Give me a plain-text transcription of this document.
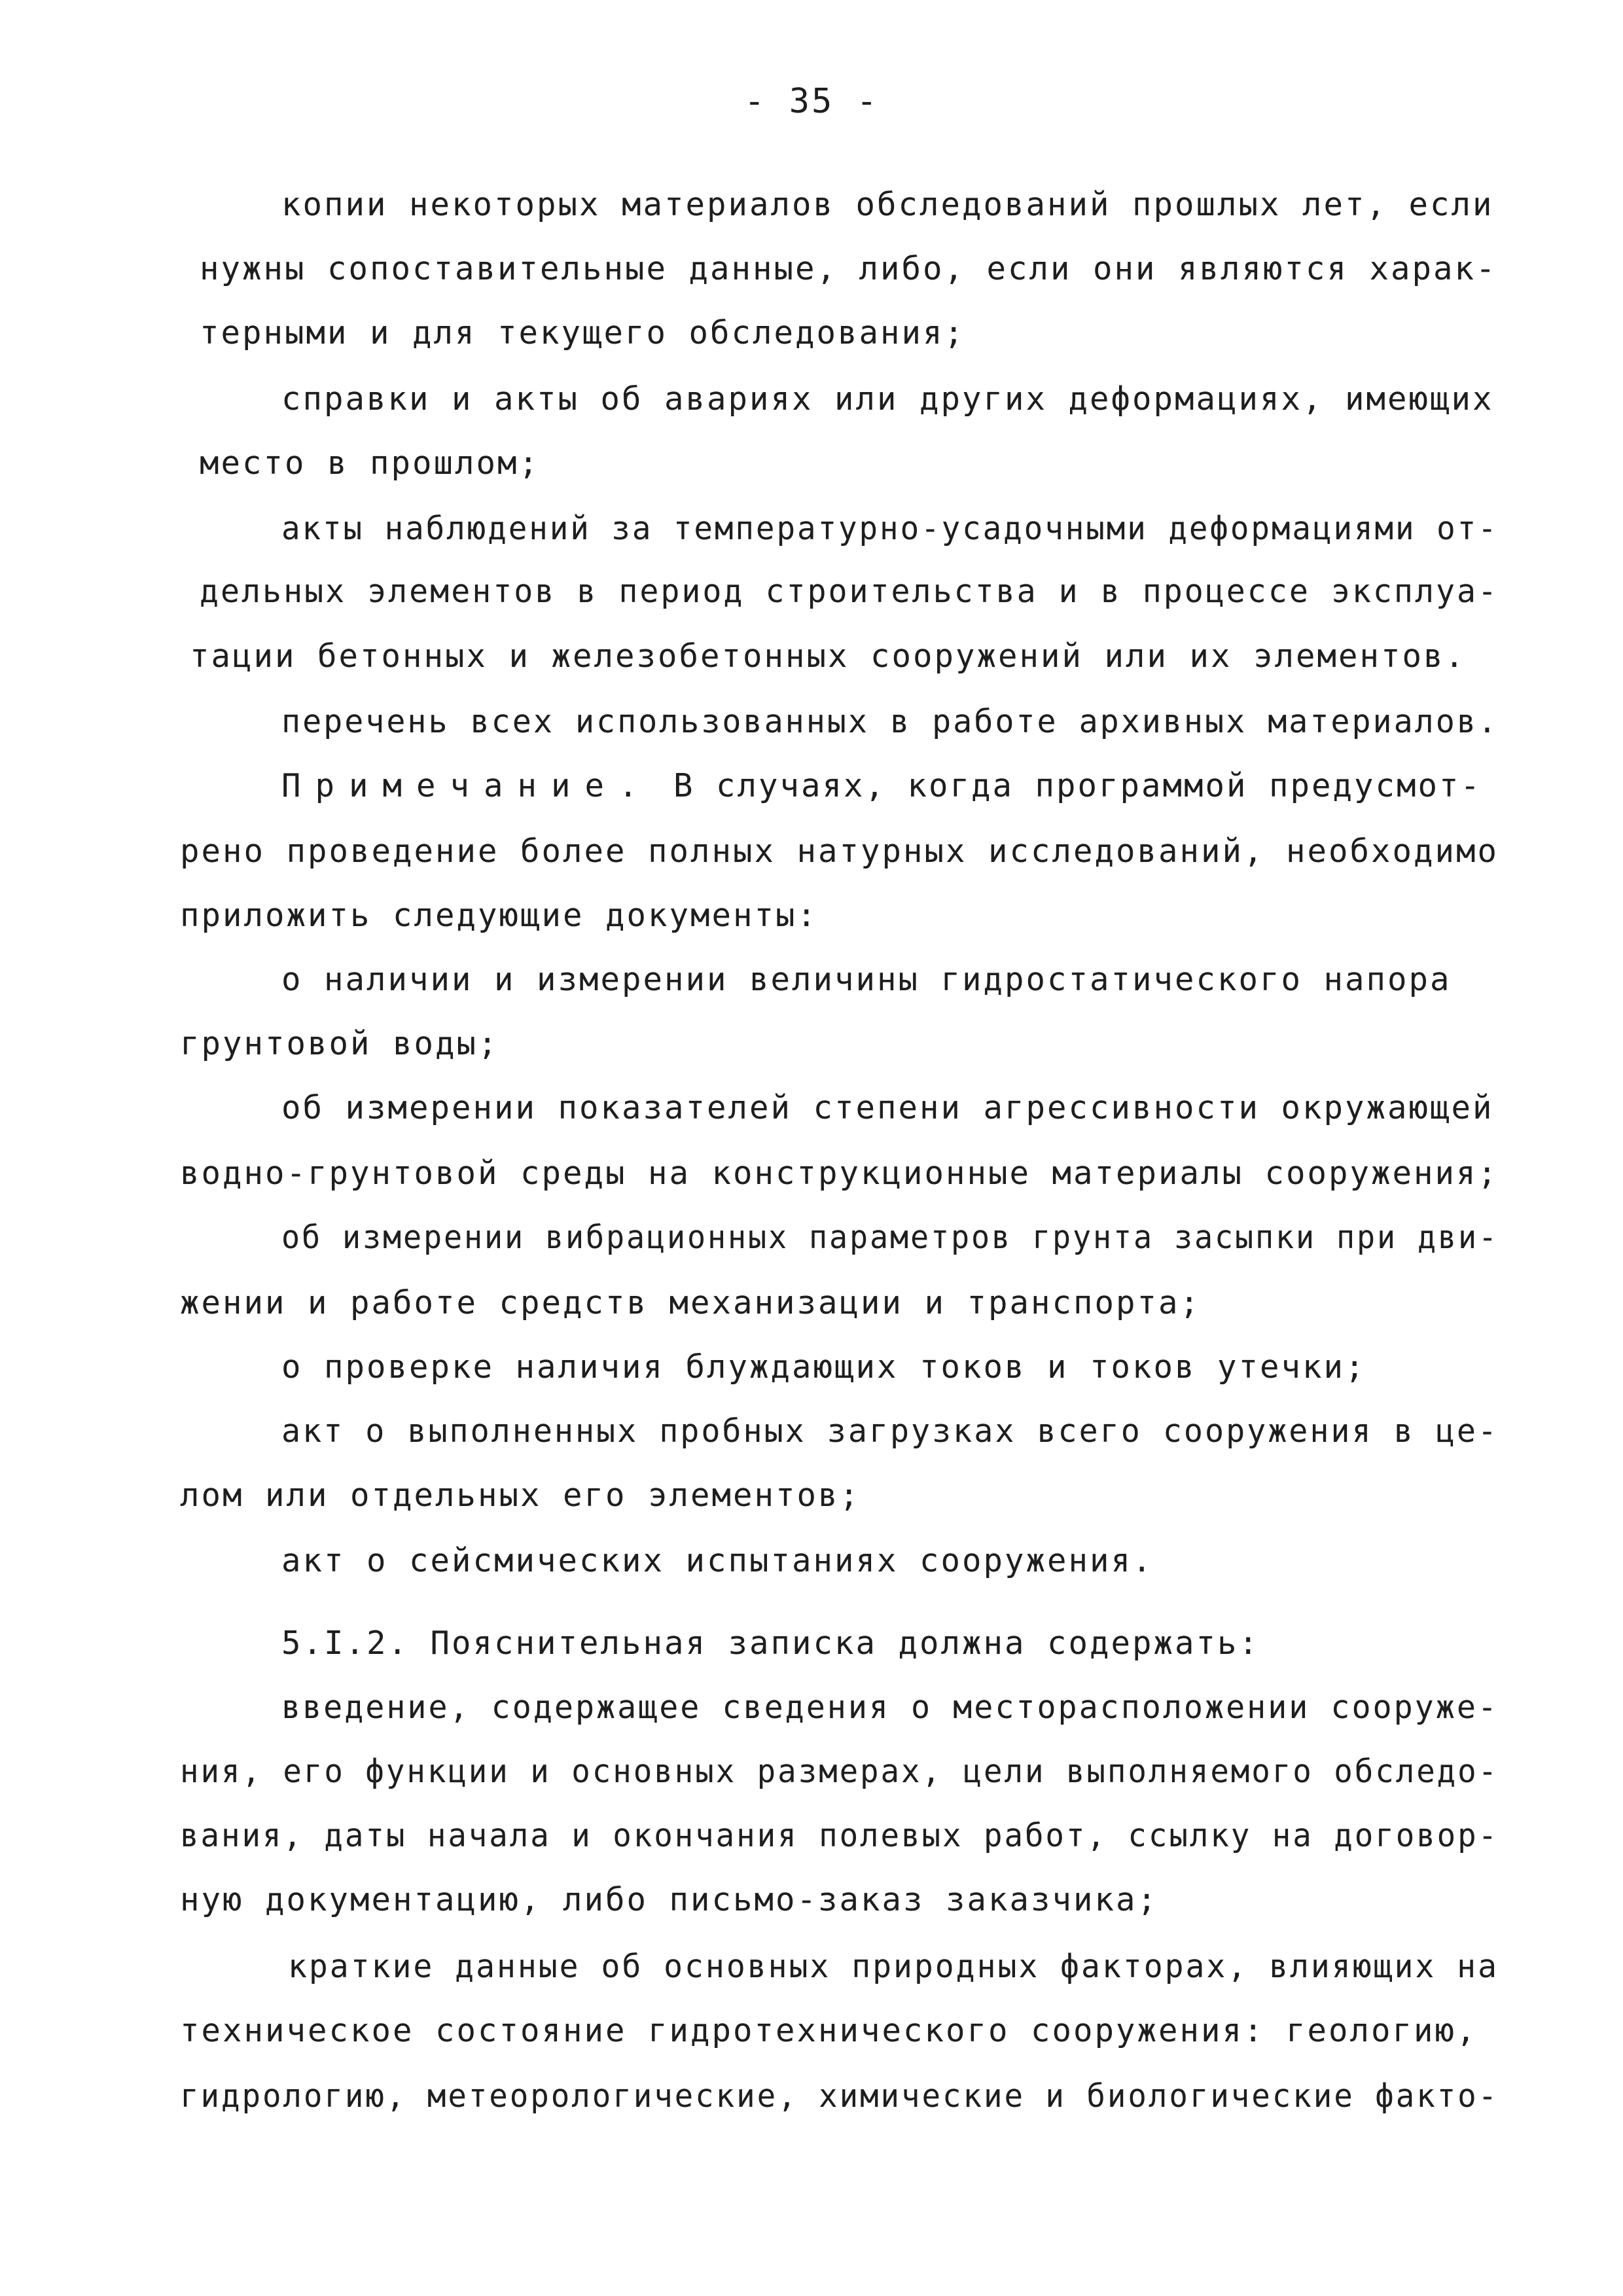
- 35 -
копии некоторых материалов обследований прошлых лет, если
нужны сопоставительные данные, либо, если они являются харак-
терными и для текущего обследования;
справки и акты об авариях или других деформациях, имеющих
место в прошлом;
акты наблюдений за температурно-усадочными деформациями от-
дельных элементов в период строительства и в процессе эксплуа-
тации бетонных и железобетонных сооружений или их элементов.
перечень всех использованных в работе архивных материалов.
Примечание. В случаях, когда программой предусмот-
рено проведение более полных натурных исследований, необходимо
приложить следующие документы:
о наличии и измерении величины гидростатического напора
грунтовой воды;
об измерении показателей степени агрессивности окружающей
водно-грунтовой среды на конструкционные материалы сооружения;
об измерении вибрационных параметров грунта засыпки при дви-
жении и работе средств механизации и транспорта;
о проверке наличия блуждающих токов и токов утечки;
акт о выполненных пробных загрузках всего сооружения в це-
лом или отдельных его элементов;
акт о сейсмических испытаниях сооружения.
5.I.2. Пояснительная записка должна содержать:
введение, содержащее сведения о месторасположении сооруже-
ния, его функции и основных размерах, цели выполняемого обследо-
вания, даты начала и окончания полевых работ, ссылку на договор-
ную документацию, либо письмо-заказ заказчика;
краткие данные об основных природных факторах, влияющих на
техническое состояние гидротехнического сооружения: геологию,
гидрологию, метеорологические, химические и биологические факто-
